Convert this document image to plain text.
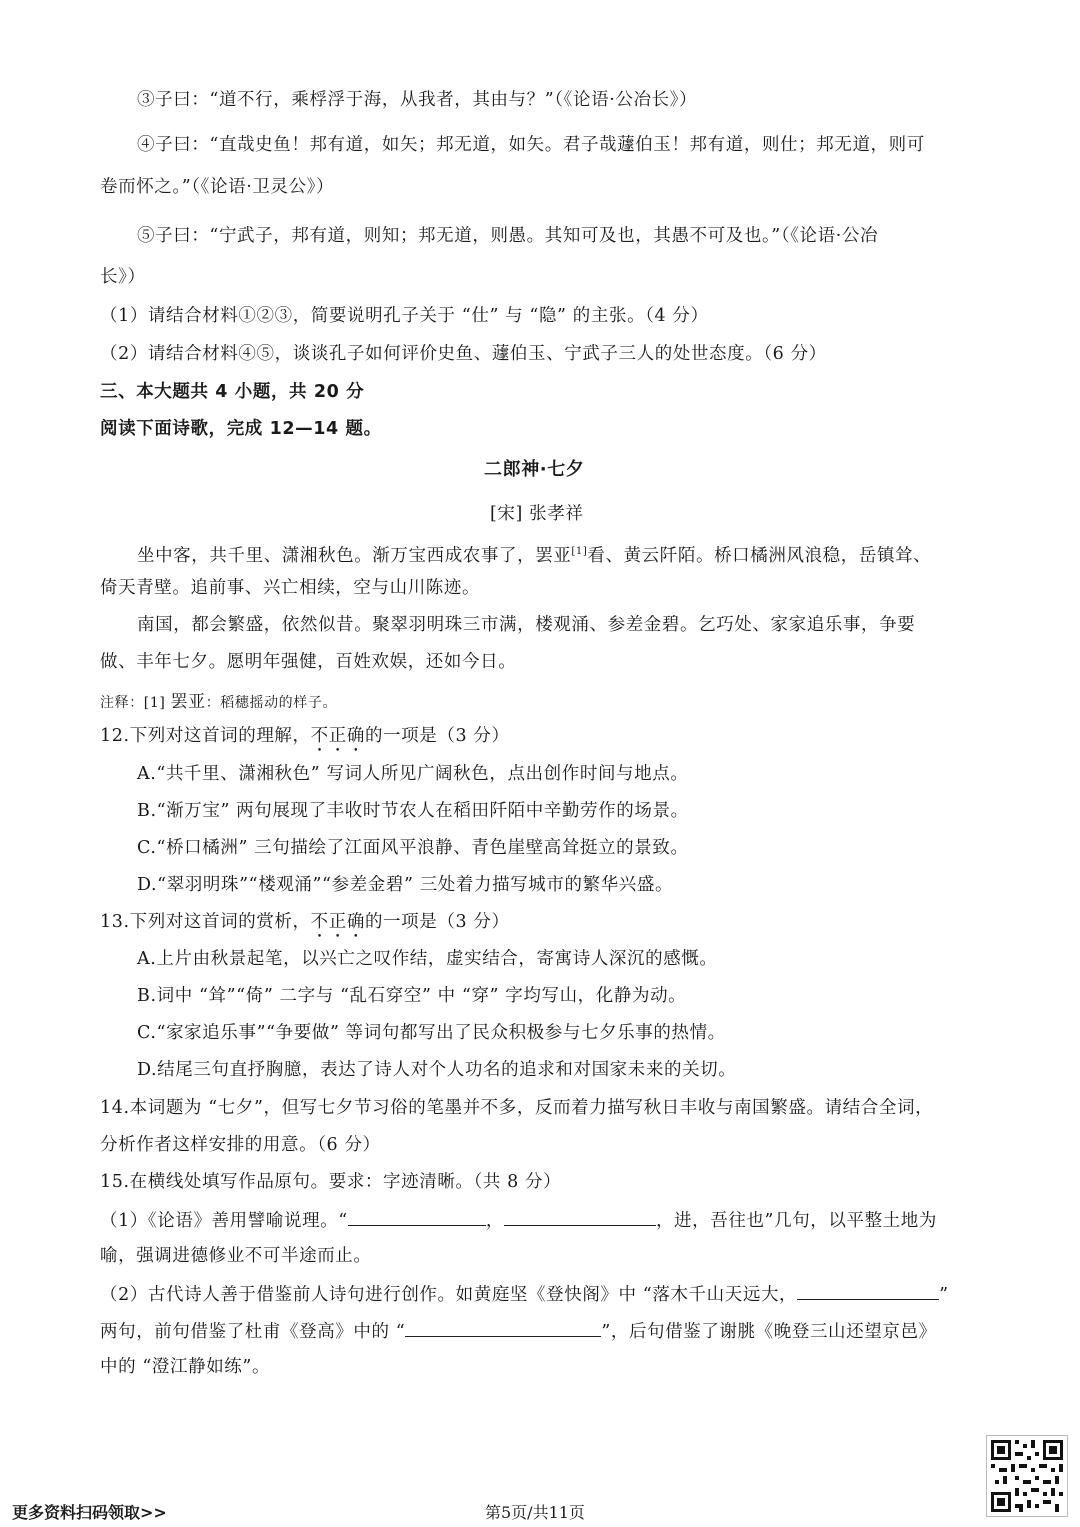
③子曰：“道不行，乘桴浮于海，从我者，其由与？”（《论语·公冶长》）
④子曰：“直哉史鱼！邦有道，如矢；邦无道，如矢。君子哉蘧伯玉！邦有道，则仕；邦无道，则可
卷而怀之。”（《论语·卫灵公》）
⑤子曰：“宁武子，邦有道，则知；邦无道，则愚。其知可及也，其愚不可及也。”（《论语·公冶
长》）
（1）请结合材料①②③，简要说明孔子关于 “仕” 与 “隐” 的主张。（4 分）
（2）请结合材料④⑤，谈谈孔子如何评价史鱼、蘧伯玉、宁武子三人的处世态度。（6 分）
三、本大题共 4 小题，共 20 分
阅读下面诗歌，完成 12—14 题。
二郎神·七夕
[宋] 张孝祥
坐中客，共千里、潇湘秋色。渐万宝西成农事了，罢亚[1]看、黄云阡陌。桥口橘洲风浪稳，岳镇耸、
倚天青壁。追前事、兴亡相续，空与山川陈迹。
南国，都会繁盛，依然似昔。聚翠羽明珠三市满，楼观涌、参差金碧。乞巧处、家家追乐事，争要
做、丰年七夕。愿明年强健，百姓欢娱，还如今日。
注释：[1] 罢亚：稻穗摇动的样子。
12.下列对这首词的理解，不正确的一项是（3 分）
A.“共千里、潇湘秋色” 写词人所见广阔秋色，点出创作时间与地点。
B.“渐万宝” 两句展现了丰收时节农人在稻田阡陌中辛勤劳作的场景。
C.“桥口橘洲” 三句描绘了江面风平浪静、青色崖壁高耸挺立的景致。
D.“翠羽明珠”“楼观涌”“参差金碧” 三处着力描写城市的繁华兴盛。
13.下列对这首词的赏析，不正确的一项是（3 分）
A.上片由秋景起笔，以兴亡之叹作结，虚实结合，寄寓诗人深沉的感慨。
B.词中 “耸”“倚” 二字与 “乱石穿空” 中 “穿” 字均写山，化静为动。
C.“家家追乐事”“争要做” 等词句都写出了民众积极参与七夕乐事的热情。
D.结尾三句直抒胸臆，表达了诗人对个人功名的追求和对国家未来的关切。
14.本词题为 “七夕”，但写七夕节习俗的笔墨并不多，反而着力描写秋日丰收与南国繁盛。请结合全词，
分析作者这样安排的用意。（6 分）
15.在横线处填写作品原句。要求：字迹清晰。（共 8 分）
（1）《论语》善用譬喻说理。“	，	，进，吾往也”几句，以平整土地为
喻，强调进德修业不可半途而止。
（2）古代诗人善于借鉴前人诗句进行创作。如黄庭坚《登快阁》中 “落木千山天远大，	”
两句，前句借鉴了杜甫《登高》中的 “	”，后句借鉴了谢朓《晚登三山还望京邑》
中的 “澄江静如练”。
更多资料扫码领取>>	第5页/共11页
